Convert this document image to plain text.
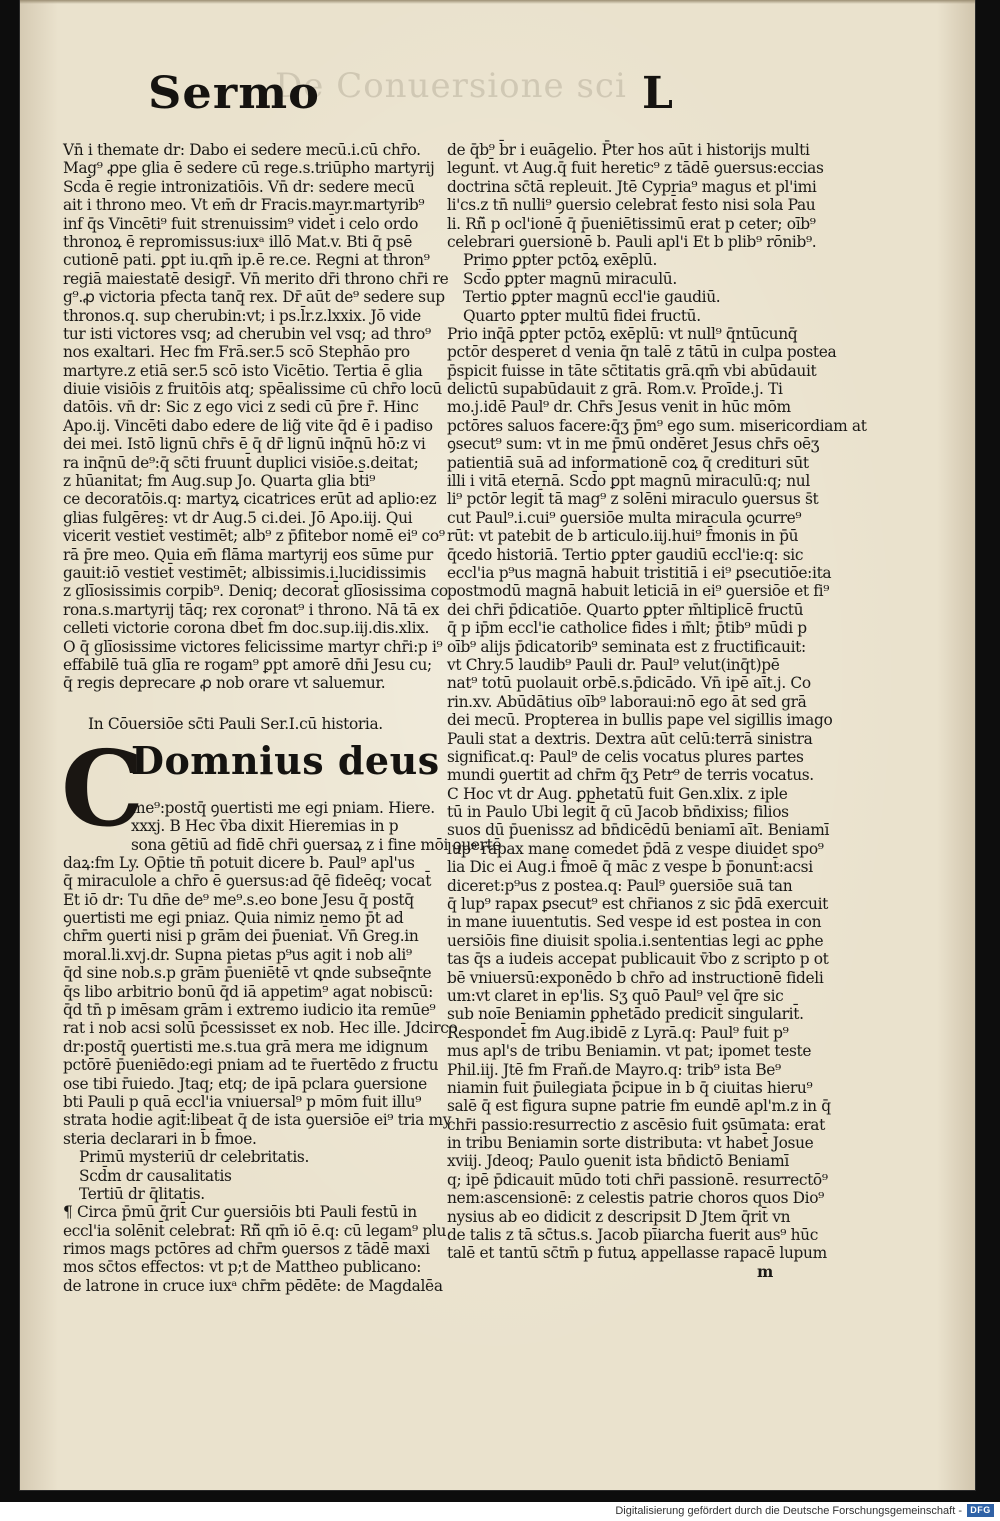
De Conuersione sci
Sermo	L
Vn̄ i themate dr: Dabo ei sedere mecū.i.cū chr̄o.
Mag⁹ ꝓpe glia ē sedere cū rege.s.triūpho martyrij
Scd̄a ē regie intronizatiōis. Vn̄ dr: sedere mecū
ait i throno meo. Vt em̄ dr Fracis.mayr.martyrib⁹
inf q̄s Vincēti⁹ fuit strenuissim⁹ videt̄ i celo ordo
thronoꝝ ē repromissus:iuxᵃ illō Mat.v. Bti q̄ psē
cutionē pati. ꝑpt iu.qm̄ ip.ē re.ce. Regni at thron⁹
regiā maiestatē desigr̄. Vn̄ merito dr̄i throno chr̄i re
g⁹.ꝓ victoria pfecta tanq̄ rex. Dr̄ aūt de⁹ sedere sup
thronos.q. sup cherubin:vt; i ps.l̄r.z.lxxix. Jō vide
tur isti victores vsq; ad cherubin vel vsq; ad thro⁹
nos exaltari. Hec fm Frā.ser.5 scō Stephāo pro
martyre.z etiā ser.5 scō isto Vicētio. Tertia ē glia
diuie visiōis z fruitōis atq; spēalissime cū chr̄o locū
datōis. vn̄ dr: Sic z ego vici z sedi cū p̄re r̄. Hinc
Apo.ij. Vincēti dabo edere de lig̃ vite q̄d ē i padiso
dei mei. Istō lignū chr̄s ē q̄ dr̄ lignū inq̄nū hō:z vi
ra inq̄nū de⁹:q̄ sc̄ti fruunt̄ duplici visiōe.s.deitat;
z hūanitat; fm Aug.sup Jo. Quarta glia bt̄i⁹
ce decoratōis.q: martyꝝ cicatrices erūt ad aplio:ez
glias fulgēres: vt dr Aug.5 ci.dei. Jō Apo.iij. Qui
vicerit vestiet̄ vestimēt; alb⁹ z p̄fitebor nomē ei⁹ co⁹
rā p̄re meo. Quia em̄ flāma martyrij eos sūme pur
gauit:iō vestiet̄ vestimēt; albissimis.i.lucidissimis
z glīosissimis corpib⁹. Deniq; decorat̄ glīosissima co
rona.s.martyrij tāq; rex coronat⁹ i throno. Nā tā ex
celleti victorie corona dbet̄ fm doc.sup.iij.dis.xlix.
O q̄ glīosissime victores felicissime martyr chr̄i:p i⁹
effabilē tuā glīa re rogam⁹ ꝑpt amorē dn̄i Jesu cu;
q̄ regis deprecare ꝓ nob orare vt saluemur.
In Cōuersiōe sc̄ti Pauli Ser.I.cū historia.
C
Domnius deus
me⁹:postq̄ ꝯuertisti me egi pniam. Hiere.
xxxj. B Hec v̄ba dixit Hieremias in p
sona gētiū ad fidē chr̄i ꝯuersaꝝ z i fine mōi ꝯuertē
daꝝ:fm Ly. Op̄tie tn̄ potuit dicere b. Paul⁹ apl'us
q̄ miraculole a chr̄o ē ꝯuersus:ad q̄ē fideēq; vocat̄
Et iō dr: Tu dn̄e de⁹ me⁹.s.eo bone Jesu q̄ postq̄
ꝯuertisti me egi pniaz. Quia nimiz nemo p̄t ad
chr̄m ꝯuerti nisi p grām dei p̄ueniat̄. Vn̄ Greg.in
moral.li.xvj.dr. Supna pietas p⁹us agit i nob ali⁹
q̄d sine nob.s.p grām p̄ueniētē vt ꝗnde subseq̄nte
q̄s libo arbitrio bonū q̄d iā appetim⁹ agat nobiscū:
q̄d tn̄ p imēsam grām i extremo iudicio ita remūe⁹
rat i nob acsi solū p̄cessisset ex nob. Hec ille. Jdcirco
dr:postq̄ ꝯuertisti me.s.tua grā mera me idignum
pctōrē p̄ueniēdo:egi pniam ad te r̄uertēdo z fructu
ose tibi r̄uiedo. Jtaq; etq; de ipā pclara ꝯuersione
bti Pauli p quā eccl'ia vniuersal⁹ p mōm fuit illu⁹
strata hodie agit̄:libeat q̄ de ista ꝯuersiōe ei⁹ tria my
steria declarari in b̄ f̄moe.
Primū mysteriū dr celebritatis.
Scd̄m dr causalitatis
Tertiū dr q̄litatis.
¶ Circa p̄mū q̄rit̄ Cur ꝯuersiōis bti Pauli festū in
eccl'ia solēnit̄ celebrat̄: Rñ̄ qm̄ iō ē.q: cū legam⁹ plu
rimos mags pctōres ad chr̄m ꝯuersos z tādē maxi
mos sc̄tos effectos: vt p;t de Mattheo publicano:
de latrone in cruce iuxᵃ chr̄m pēdēte: de Magdalēa
de q̄b⁹ b̄r i euāgelio. P̄ter hos aūt i historijs multi
legunt̄. vt Aug.q̄ fuit heretic⁹ z tādē ꝯuersus:eccias
doctrina sc̄tā repleuit. Jtē Cypria⁹ magus et pl'imi
li'cs.z tn̄ nulli⁹ ꝯuersio celebrat̄ festo nisi sola Pau
li. Rñ̄ p ocl'ionē q̄ p̄ueniētissimū erat p ceter; oīb⁹
celebrari ꝯuersionē b. Pauli apl'i Et b plib⁹ rōnib⁹.
Primo ꝑpter pctōꝝ exēplū.
Scd̄o ꝑpter magnū miraculū.
Tertio ꝑpter magnū eccl'ie gaudiū.
Quarto ꝑpter multū fidei fructū.
Prio inq̄ā ꝑpter pctōꝝ exēplū: vt null⁹ q̄ntūcunq̄
pctōr desperet d venia q̄n talē z tātū in culpa postea
p̄spicit fuisse in tāte sc̄titatis grā.qm̄ vbi abūdauit
delictū supabūdauit z grā. Rom.v. Proīde.j. Ti
mo.j.idē Paul⁹ dr. Chr̄s Jesus venit in hūc mōm
pctōres saluos facere:q̄ʒ p̄m⁹ ego sum. misericordiam at
ꝯsecut⁹ sum: vt in me p̄mū ondēret Jesus chr̄s oēʒ
patientiā suā ad informationē coꝝ q̄ credituri sūt
illi i vitā eternā. Scd̄o ꝑpt magnū miraculū:q; nul
li⁹ pctōr legit̄ tā mag⁹ z solēni miraculo ꝯuersus s̄t
cut Paul⁹.i.cui⁹ ꝯuersiōe multa miracula ꝯcurre⁹
rūt: vt patebit de b articulo.iij.hui⁹ f̄monis in p̄ū
q̄cedo historiā. Tertio ꝑpter gaudiū eccl'ie:q: sic
eccl'ia p⁹us magnā habuit tristitiā i ei⁹ ꝑsecutiōe:ita
postmodū magnā habuit leticiā in ei⁹ ꝯuersiōe et fi⁹
dei chr̄i p̄dicatiōe. Quarto ꝑpter m̄ltiplicē fructū
q̄ p ip̄m eccl'ie catholice fides i m̄lt; p̄tib⁹ mūdi p
oīb⁹ alijs p̄dicatorib⁹ seminata est z fructificauit:
vt Chry.5 laudib⁹ Pauli dr. Paul⁹ velut(inq̄t)pē
nat⁹ totū puolauit orbē.s.p̄dicādo. Vn̄ ipē aīt.j. Co
rin.xv. Abūdātius oīb⁹ laboraui:nō ego āt sed grā
dei mecū. Propterea in bullis pape vel sigillis imago
Pauli stat a dextris. Dextra aūt celū:terrā sinistra
significat.q: Paul⁹ de celis vocatus plures partes
mundi ꝯuertit ad chr̄m q̄ʒ Petr⁹ de terris vocatus.
C Hoc vt dr Aug. ꝑphetatū fuit Gen.xlix. z iple
tū in Paulo Ubi legit̄ q̄ cū Jacob bn̄dixiss; filios
suos dū p̄uenissz ad bn̄dicēdū beniamī aīt. Beniamī
lup⁹ rapax mane comedet p̄dā z vespe diuidet spo⁹
lia Dic ei Aug.i f̄moē q̄ māc z vespe b p̄onunt̄:acsi
diceret:p⁹us z postea.q: Paul⁹ ꝯuersiōe suā tan
q̄ lup⁹ rapax ꝑsecut⁹ est chr̄ianos z sic p̄dā exercuit
in mane iuuentutis. Sed vespe id est postea in con
uersiōis fine diuisit spolia.i.sententias legi ac ꝑphe
tas q̄s a iudeis accepat publicauit v̄bo z scripto p ot
bē vniuersū:exponēdo b chr̄o ad instructionē fideli
um:vt claret in ep'lis. Sʒ quō Paul⁹ vel q̄re sic
sub noīe Beniamin ꝑphetādo predicit̄ singularit̄.
Respondet̄ fm Aug.ibidē z Lyrā.q: Paul⁹ fuit p⁹
mus apl's de tribu Beniamin. vt pat; ipomet teste
Phil.iij. Jtē fm Frañ.de Mayro.q: trib⁹ ista Be⁹
niamin fuit p̄uilegiata p̄cipue in b q̄ ciuitas hieru⁹
salē q̄ est figura supne patrie fm eundē apl'm.z in q̄
chr̄i passio:resurrectio z ascēsio fuit ꝯsūmata: erat
in tribu Beniamin sorte distributa: vt habet̄ Josue
xviij. Jdeoq; Paulo ꝯuenit ista bn̄dictō Beniamī
q; ipē p̄dicauit mūdo toti chr̄i passionē. resurrectō⁹
nem:ascensionē: z celestis patrie choros quos Dio⁹
nysius ab eo didicit z descripsit D Jtem q̄rit̄ vn
de talis z tā sc̄tus.s. Jacob pīiarcha fuerit aus⁹ hūc
talē et tantū sc̄tm̄ p futuꝝ appellasse rapacē lupum
m
Digitalisierung gefördert durch die Deutsche Forschungsgemeinschaft - DFG
